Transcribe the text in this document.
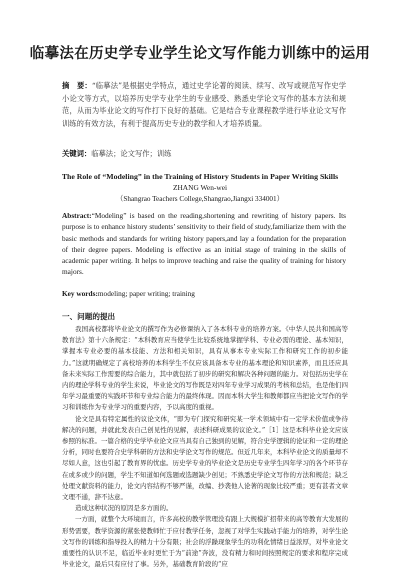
临摹法在历史学专业学生论文写作能力训练中的运用
摘　要：“临摹法”是根据史学特点，通过史学论著的阅读、续写、改写或规范写作史学小论文等方式，以培养历史学专业学生的专业感受、熟悉史学论文写作的基本方法和规范，从而为毕业论文的写作打下良好的基础。它是结合专业课程教学进行毕业论文写作训练的有效方法，有利于提高历史专业的教学和人才培养质量。
关键词：临摹法；论文写作；训练
The Role of “Modeling” in the Training of History Students in Paper Writing Skills
ZHANG Wen-wei
（Shangrao Teachers College,Shangrao,Jiangxi 334001）
Abstract:“Modeling” is based on the reading,shortening and rewriting of history papers. Its purpose is to enhance history students’ sensitivity to their field of study,familiarize them with the basic methods and standards for writing history papers,and lay a foundation for the preparation of their degree papers. Modeling is effective as an initial stage of training in the skills of academic paper writing. It helps to improve teaching and raise the quality of training for history majors.
Key words:modeling; paper writing; training
一、问题的提出

我国高校都将毕业论文的撰写作为必修课纳入了各本科专业的培养方案。《中华人民共和国高等教育法》第十六条规定：“本科教育应当使学生比较系统地掌握学科、专业必需的理论、基本知识，掌握本专业必要的基本技能、方法和相关知识，具有从事本专业实际工作和研究工作的初步能力。”这就明确规定了高校培养的本科学生不仅应该具备本专业的基本理论和知识素养，而且还应具备未来实际工作需要的综合能力，其中就包括了初步的研究和解决各种问题的能力。对包括历史学在内的理论学科专业的学生来说，毕业论文的写作既是对四年专业学习成果的考核和总结，也是他们四年学习最重要的实践环节和专业综合能力的最终体现。因而本科大学生和教师都应当把论文写作的学习和训练作为专业学习的重要内容，予以高度的重视。

论文是具有特定属性的议论文体，“即为专门探究和研究某一学术领域中有一定学术价值或争待解决的问题，并就此发表自己创见性的见解，表述科研成果的议论文。”［1］这是本科毕业论文应该参照的标准。一篇合格的史学毕业论文应当具有自己独到的见解，符合史学逻辑的论证和一定的理论分析，同时也要符合史学科研的方法和史学论文写作的规范。但近几年来，本科毕业论文的质量却不尽如人意，这也引起了教育界的忧虑。历史学专业的毕业论文是历史专业学生四年学习的各个环节存在或多或少的问题，学生不知道如何选题或选题缺少创见；不熟悉史学论文写作的方法和规范；缺乏处理文献资料的能力，论文内容结构不够严谨，改编、抄袭他人论著的现象比较严重；更有甚者文章文理不通，辞不达意。

造成这种状况的原因是多方面的。

一方面，就整个大环境而言，许多高校的教学管理没有跟上大规模扩招带来的高等教育大发展的形势需要，教学资源的紧张使教师忙于应付教学任务，忽视了对学生实践动手能力的培养，对学生论文写作的训练和指导投入的精力十分有限；社会的浮躁现象学生的功利化情绪日益浓厚，对毕业论文重要性的认识不足，临近毕业时更忙于为“前途”奔波，没有精力和时间按照规定的要求和程序完成毕业论文，最后只有应付了事。另外，基础教育阶段的“应
